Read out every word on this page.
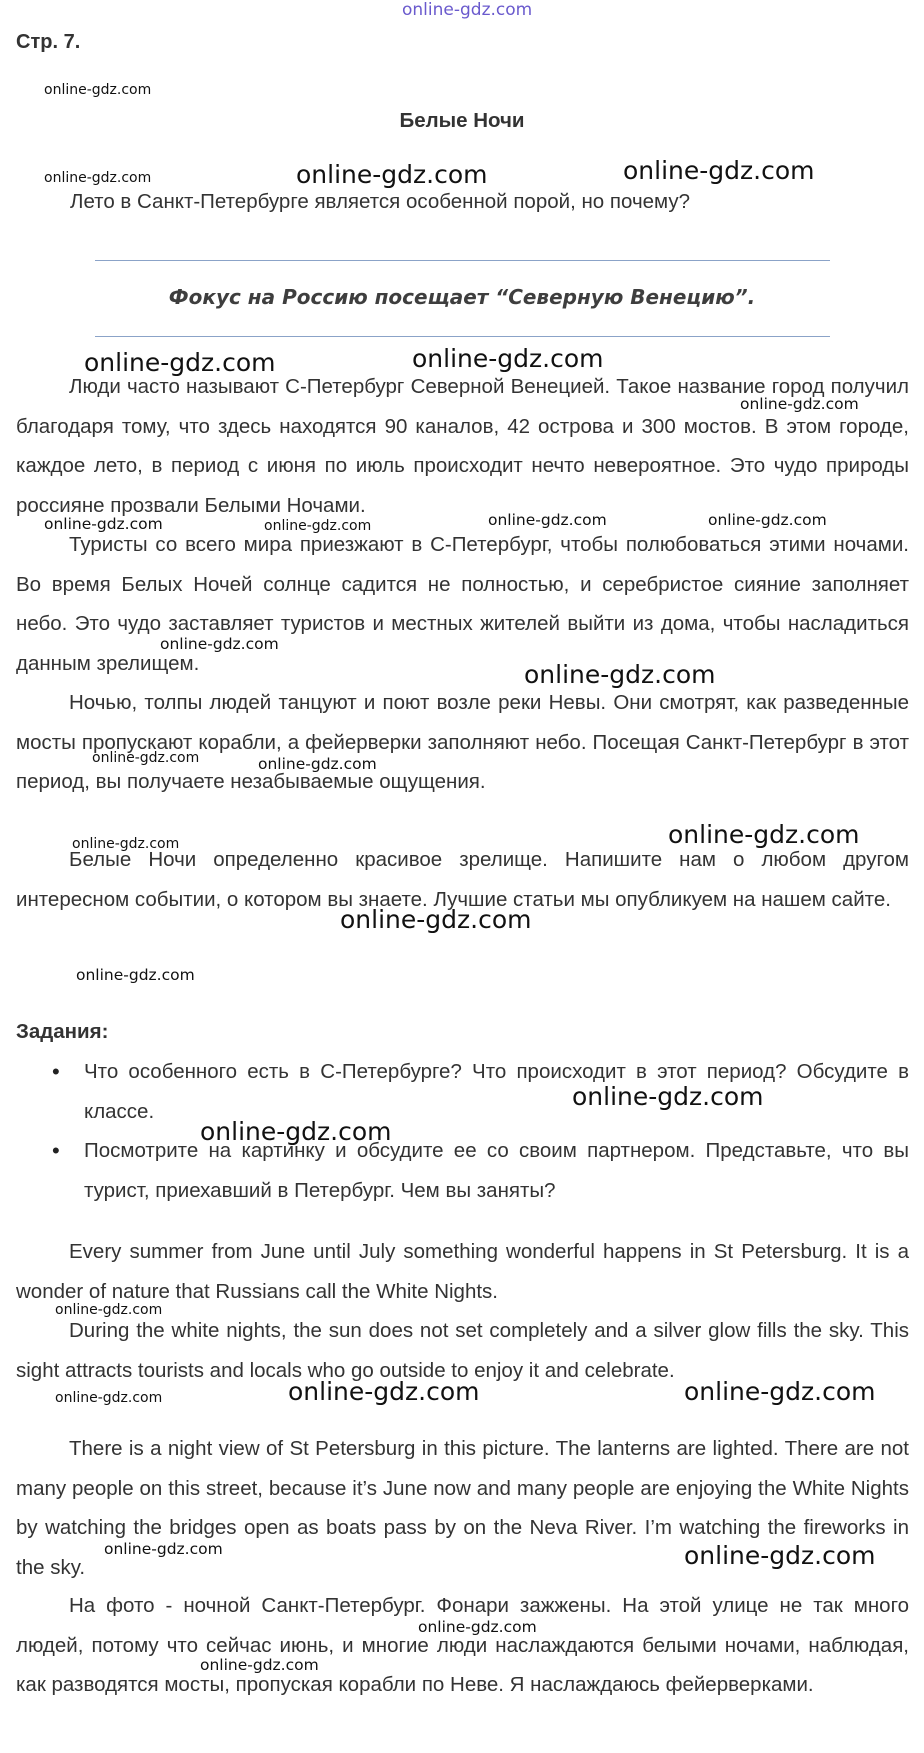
online-gdz.com
Стр. 7.
Белые Ночи
Лето в Санкт-Петербурге является особенной порой, но почему?
Фокус на Россию посещает “Северную Венецию”.
Люди часто называют С-Петербург Северной Венецией. Такое название город получил благодаря тому, что здесь находятся 90 каналов, 42 острова и 300 мостов. В этом городе, каждое лето, в период с июня по июль происходит нечто невероятное. Это чудо природы россияне прозвали Белыми Ночами.
Туристы со всего мира приезжают в С-Петербург, чтобы полюбоваться этими ночами. Во время Белых Ночей солнце садится не полностью, и серебристое сияние заполняет небо. Это чудо заставляет туристов и местных жителей выйти из дома, чтобы насладиться данным зрелищем.
Ночью, толпы людей танцуют и поют возле реки Невы. Они смотрят, как разведенные мосты пропускают корабли, а фейерверки заполняют небо. Посещая Санкт-Петербург в этот период, вы получаете незабываемые ощущения.
Белые Ночи определенно красивое зрелище. Напишите нам о любом другом интересном событии, о котором вы знаете. Лучшие статьи мы опубликуем на нашем сайте.
Задания:
• Что особенного есть в С-Петербурге? Что происходит в этот период? Обсудите в классе.
• Посмотрите на картинку и обсудите ее со своим партнером. Представьте, что вы турист, приехавший в Петербург. Чем вы заняты?
Every summer from June until July something wonderful happens in St Petersburg. It is a wonder of nature that Russians call the White Nights.
During the white nights, the sun does not set completely and a silver glow fills the sky. This sight attracts tourists and locals who go outside to enjoy it and celebrate.
There is a night view of St Petersburg in this picture. The lanterns are lighted. There are not many people on this street, because it’s June now and many people are enjoying the White Nights by watching the bridges open as boats pass by on the Neva River. I’m watching the fireworks in the sky.
На фото - ночной Санкт-Петербург. Фонари зажжены. На этой улице не так много людей, потому что сейчас июнь, и многие люди наслаждаются белыми ночами, наблюдая, как разводятся мосты, пропуская корабли по Неве. Я наслаждаюсь фейерверками.
online-gdz.com
online-gdz.com	online-gdz.com	online-gdz.com
online-gdz.com	online-gdz.com
online-gdz.com
online-gdz.com	online-gdz.com	online-gdz.com	online-gdz.com
online-gdz.com
online-gdz.com
online-gdz.com	online-gdz.com
online-gdz.com	online-gdz.com
online-gdz.com
online-gdz.com
online-gdz.com
online-gdz.com
online-gdz.com
online-gdz.com	online-gdz.com	online-gdz.com
online-gdz.com	online-gdz.com
online-gdz.com
online-gdz.com
